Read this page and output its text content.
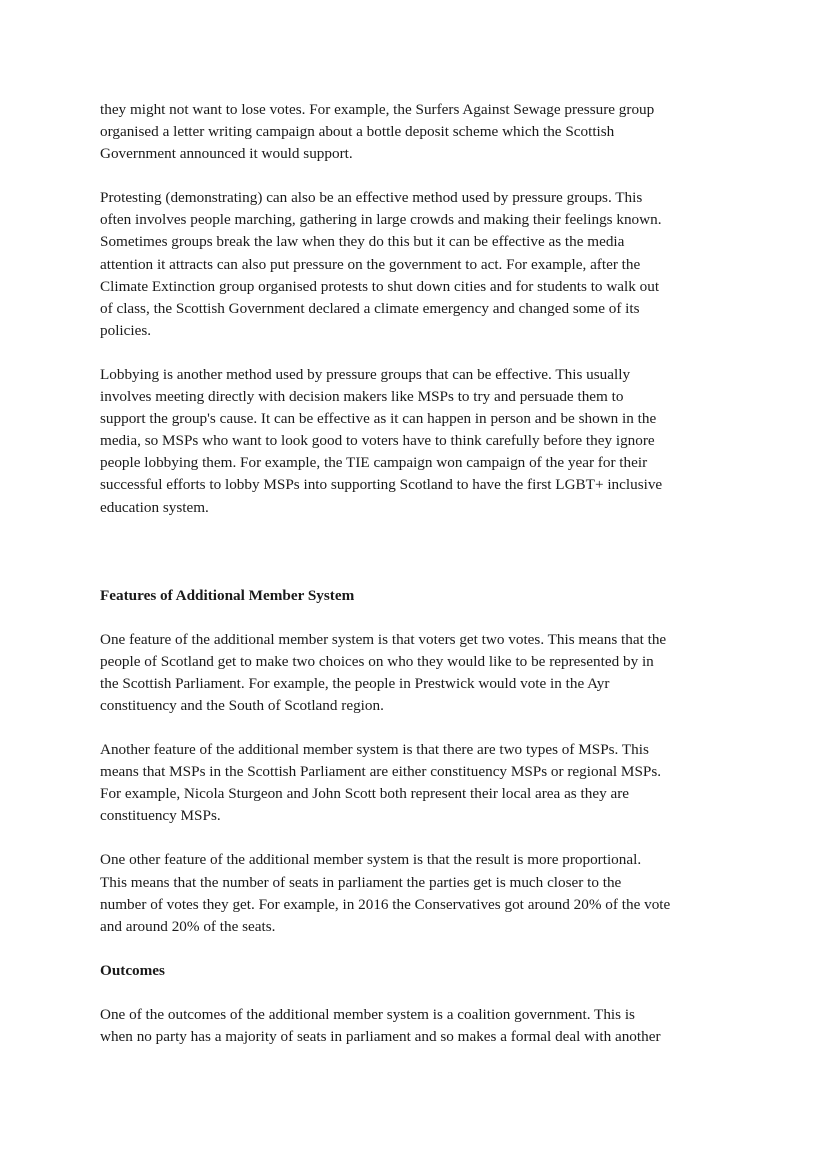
they might not want to lose votes. For example, the Surfers Against Sewage pressure group
organised a letter writing campaign about a bottle deposit scheme which the Scottish
Government announced it would support.

Protesting (demonstrating) can also be an effective method used by pressure groups. This
often involves people marching, gathering in large crowds and making their feelings known.
Sometimes groups break the law when they do this but it can be effective as the media
attention it attracts can also put pressure on the government to act. For example, after the
Climate Extinction group organised protests to shut down cities and for students to walk out
of class, the Scottish Government declared a climate emergency and changed some of its
policies.

Lobbying is another method used by pressure groups that can be effective. This usually
involves meeting directly with decision makers like MSPs to try and persuade them to
support the group's cause. It can be effective as it can happen in person and be shown in the
media, so MSPs who want to look good to voters have to think carefully before they ignore
people lobbying them. For example, the TIE campaign won campaign of the year for their
successful efforts to lobby MSPs into supporting Scotland to have the first LGBT+ inclusive
education system.

Features of Additional Member System

One feature of the additional member system is that voters get two votes. This means that the
people of Scotland get to make two choices on who they would like to be represented by in
the Scottish Parliament. For example, the people in Prestwick would vote in the Ayr
constituency and the South of Scotland region.

Another feature of the additional member system is that there are two types of MSPs. This
means that MSPs in the Scottish Parliament are either constituency MSPs or regional MSPs.
For example, Nicola Sturgeon and John Scott both represent their local area as they are
constituency MSPs.

One other feature of the additional member system is that the result is more proportional.
This means that the number of seats in parliament the parties get is much closer to the
number of votes they get. For example, in 2016 the Conservatives got around 20% of the vote
and around 20% of the seats.

Outcomes

One of the outcomes of the additional member system is a coalition government. This is
when no party has a majority of seats in parliament and so makes a formal deal with another
